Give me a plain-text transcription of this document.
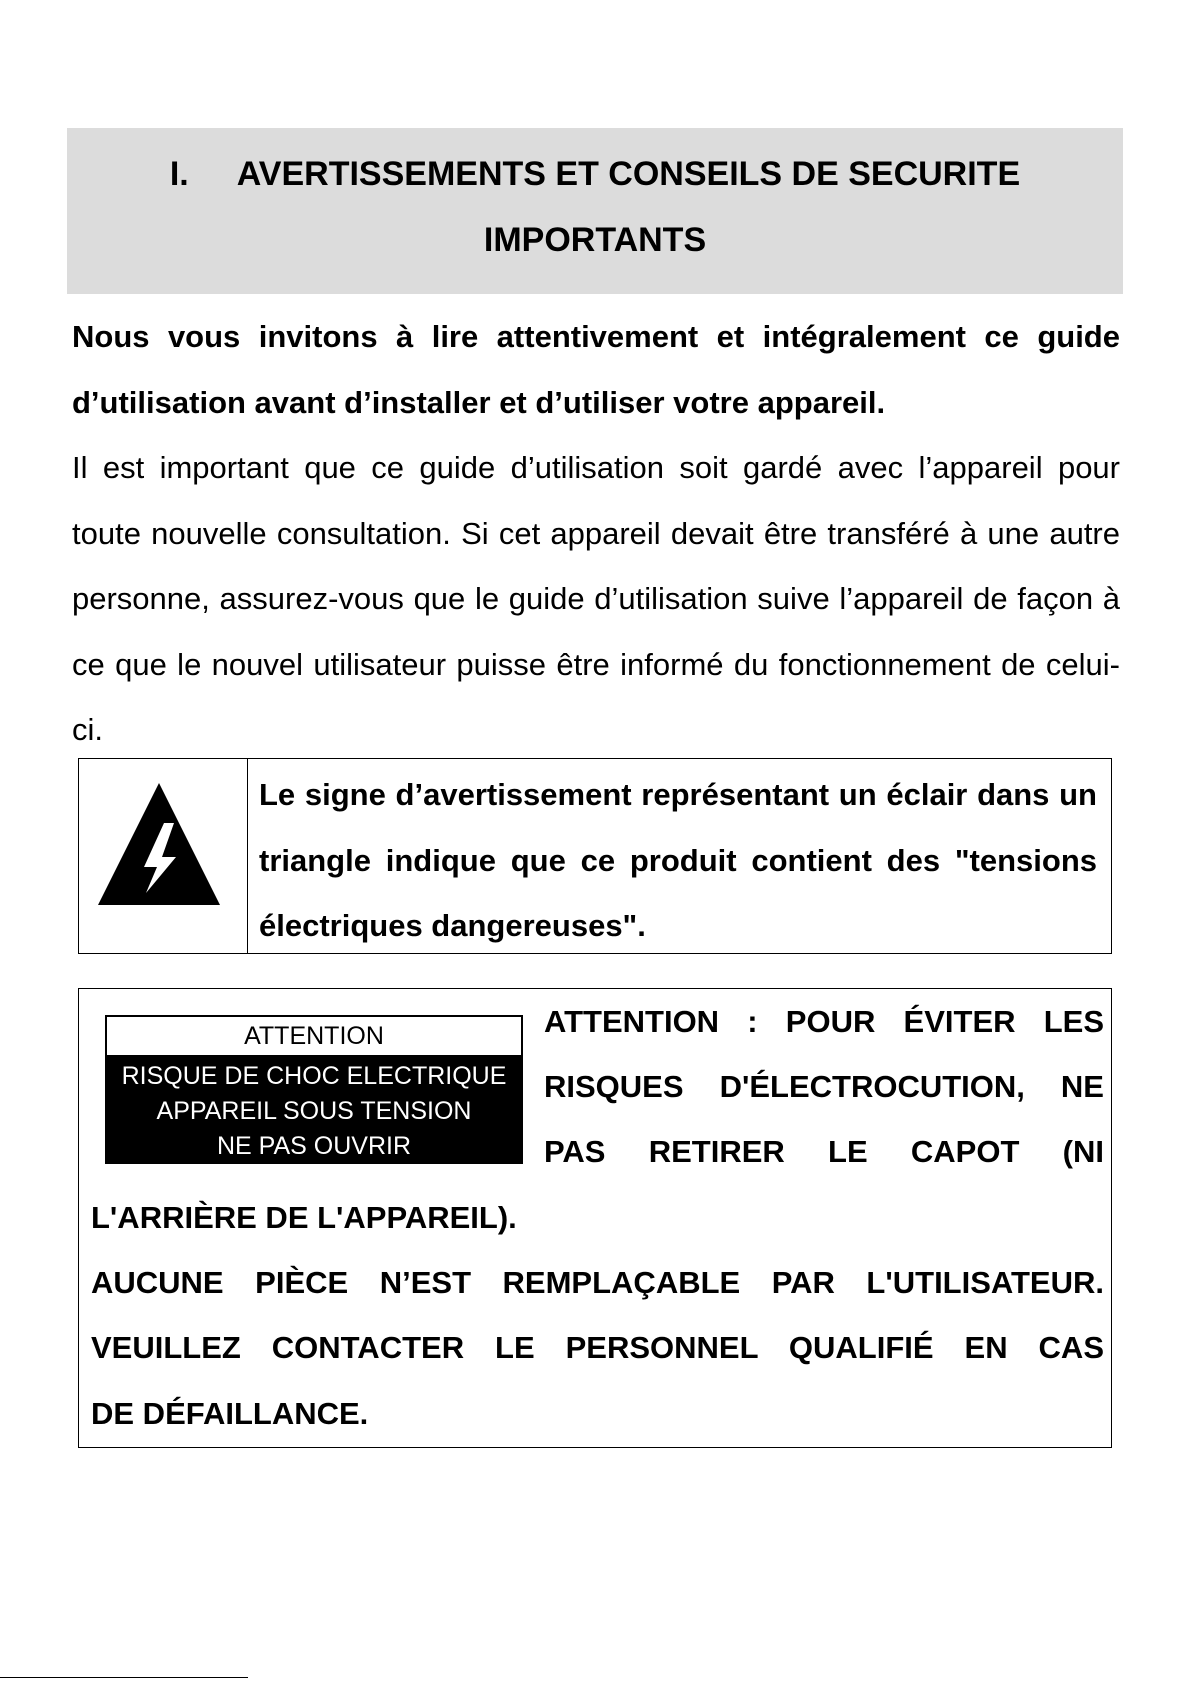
I. AVERTISSEMENTS ET CONSEILS DE SECURITE
IMPORTANTS
Nous vous invitons à lire attentivement et intégralement ce guide d’utilisation avant d’installer et d’utiliser votre appareil.
Il est important que ce guide d’utilisation soit gardé avec l’appareil pour toute nouvelle consultation. Si cet appareil devait être transféré à une autre personne, assurez-vous que le guide d’utilisation suive l’appareil de façon à ce que le nouvel utilisateur puisse être informé du fonctionnement de celui-ci.
Le signe d’avertissement représentant un éclair dans un triangle indique que ce produit contient des "tensions électriques dangereuses".
ATTENTION
RISQUE DE CHOC ELECTRIQUE
APPAREIL SOUS TENSION
NE PAS OUVRIR
ATTENTION : POUR ÉVITER LES
RISQUES D'ÉLECTROCUTION, NE
PAS RETIRER LE CAPOT (NI
L'ARRIÈRE DE L'APPAREIL).
AUCUNE PIÈCE N’EST REMPLAÇABLE PAR L'UTILISATEUR.
VEUILLEZ CONTACTER LE PERSONNEL QUALIFIÉ EN CAS
DE DÉFAILLANCE.
